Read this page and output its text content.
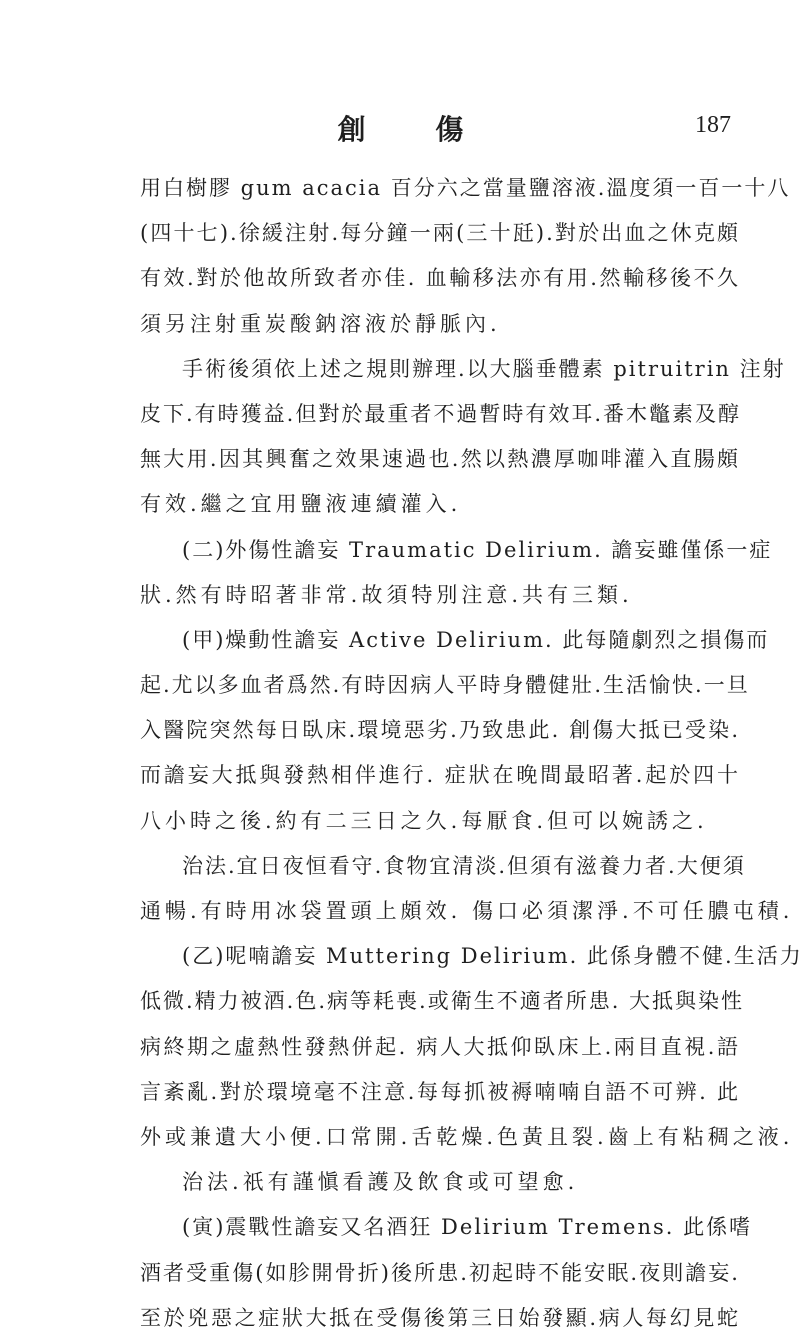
創 傷	187
用白樹膠 gum acacia 百分六之當量鹽溶液.溫度須一百一十八
(四十七).徐緩注射.每分鐘一兩(三十瓩).對於出血之休克頗
有效.對於他故所致者亦佳. 血輸移法亦有用.然輸移後不久
須另注射重炭酸鈉溶液於靜脈內.
手術後須依上述之規則辦理.以大腦垂體素 pitruitrin 注射
皮下.有時獲益.但對於最重者不過暫時有效耳.番木鼈素及醇
無大用.因其興奮之效果速過也.然以熱濃厚咖啡灌入直腸頗
有效.繼之宜用鹽液連續灌入.
(二)外傷性譫妄 Traumatic Delirium. 譫妄雖僅係一症
狀.然有時昭著非常.故須特別注意.共有三類.
(甲)燥動性譫妄 Active Delirium. 此每隨劇烈之損傷而
起.尤以多血者爲然.有時因病人平時身體健壯.生活愉快.一旦
入醫院突然每日臥床.環境惡劣.乃致患此. 創傷大抵已受染.
而譫妄大抵與發熱相伴進行. 症狀在晚間最昭著.起於四十
八小時之後.約有二三日之久.每厭食.但可以婉誘之.
治法.宜日夜恒看守.食物宜清淡.但須有滋養力者.大便須
通暢.有時用冰袋置頭上頗效. 傷口必須潔淨.不可任膿屯積.
(乙)呢喃譫妄 Muttering Delirium. 此係身體不健.生活力
低微.精力被酒.色.病等耗喪.或衛生不適者所患. 大抵與染性
病終期之虛熱性發熱併起. 病人大抵仰臥床上.兩目直視.語
言紊亂.對於環境毫不注意.每每抓被褥喃喃自語不可辨. 此
外或兼遺大小便.口常開.舌乾燥.色黃且裂.齒上有粘稠之液.
治法.祇有謹愼看護及飲食或可望愈.
(寅)震戰性譫妄又名酒狂 Delirium Tremens. 此係嗜
酒者受重傷(如胗開骨折)後所患.初起時不能安眠.夜則譫妄.
至於兇惡之症狀大抵在受傷後第三日始發顯.病人每幻見蛇
